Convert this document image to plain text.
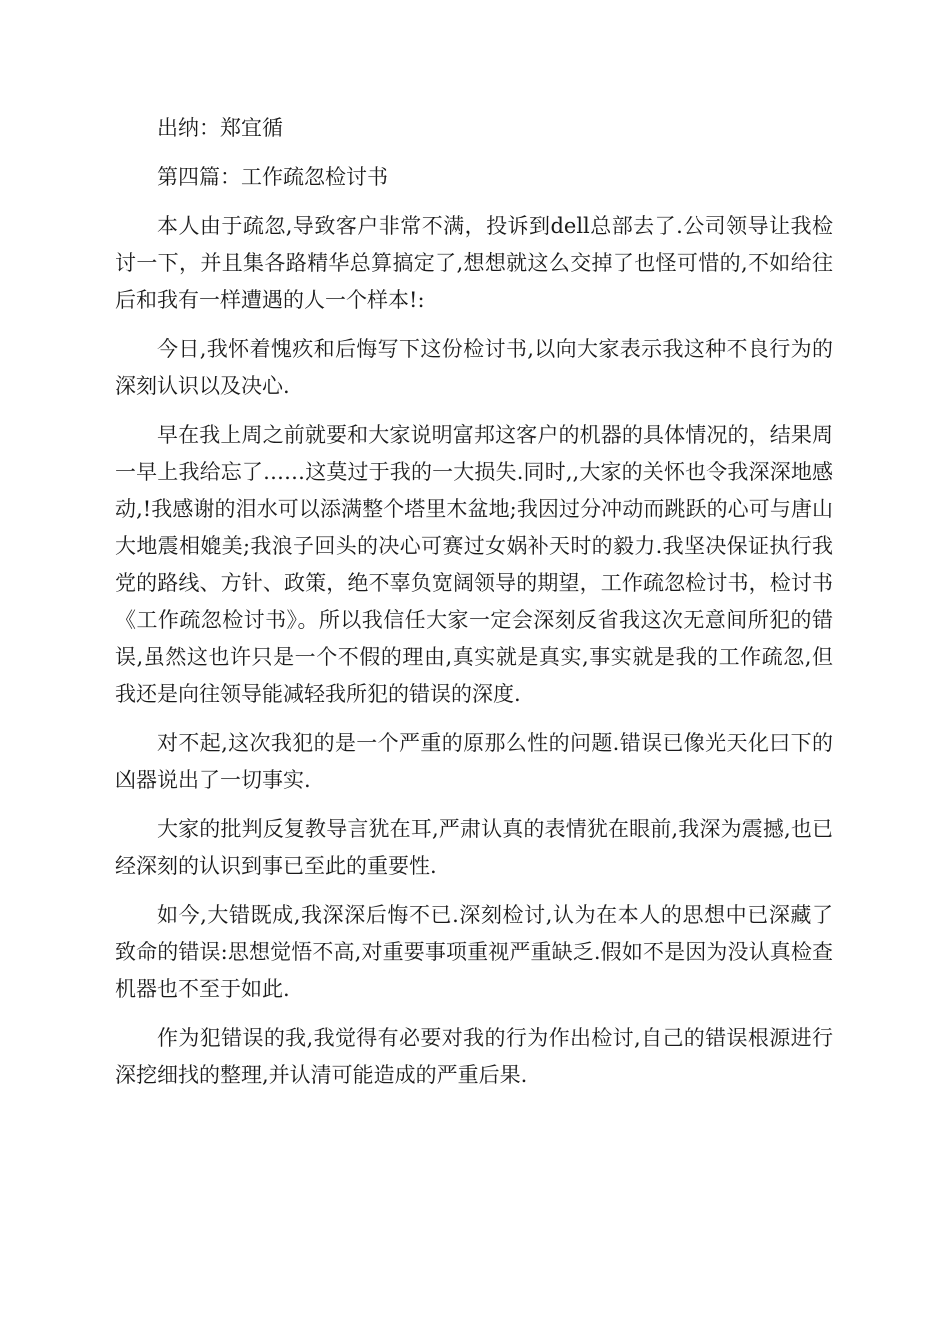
出纳：郑宜循

第四篇：工作疏忽检讨书

本人由于疏忽,导致客户非常不满，投诉到dell总部去了.公司领导让我检讨一下，并且集各路精华总算搞定了,想想就这么交掉了也怪可惜的,不如给往后和我有一样遭遇的人一个样本!:

今日,我怀着愧疚和后悔写下这份检讨书,以向大家表示我这种不良行为的深刻认识以及决心.

早在我上周之前就要和大家说明富邦这客户的机器的具体情况的，结果周一早上我给忘了……这莫过于我的一大损失.同时,,大家的关怀也令我深深地感动,!我感谢的泪水可以添满整个塔里木盆地;我因过分冲动而跳跃的心可与唐山大地震相媲美;我浪子回头的决心可赛过女娲补天时的毅力.我坚决保证执行我党的路线、方针、政策，绝不辜负宽阔领导的期望，工作疏忽检讨书，检讨书《工作疏忽检讨书》。所以我信任大家一定会深刻反省我这次无意间所犯的错误,虽然这也许只是一个不假的理由,真实就是真实,事实就是我的工作疏忽,但我还是向往领导能减轻我所犯的错误的深度.

对不起,这次我犯的是一个严重的原那么性的问题.错误已像光天化曰下的凶器说出了一切事实.

大家的批判反复教导言犹在耳,严肃认真的表情犹在眼前,我深为震撼,也已经深刻的认识到事已至此的重要性.

如今,大错既成,我深深后悔不已.深刻检讨,认为在本人的思想中已深藏了致命的错误:思想觉悟不高,对重要事项重视严重缺乏.假如不是因为没认真检查机器也不至于如此.

作为犯错误的我,我觉得有必要对我的行为作出检讨,自己的错误根源进行深挖细找的整理,并认清可能造成的严重后果.
